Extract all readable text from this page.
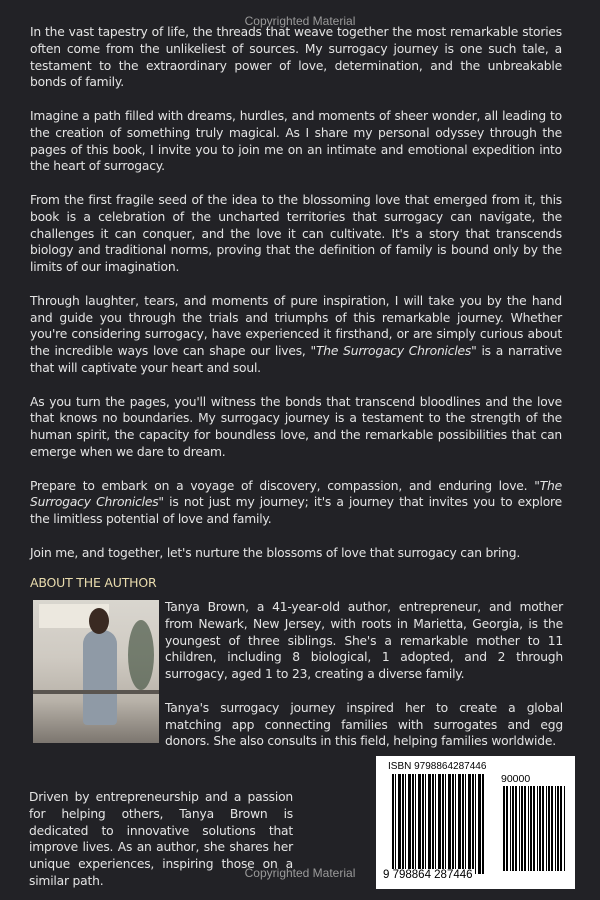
Copyrighted Material

In the vast tapestry of life, the threads that weave together the most remarkable stories often come from the unlikeliest of sources. My surrogacy journey is one such tale, a testament to the extraordinary power of love, determination, and the unbreakable bonds of family.

Imagine a path filled with dreams, hurdles, and moments of sheer wonder, all leading to the creation of something truly magical. As I share my personal odyssey through the pages of this book, I invite you to join me on an intimate and emotional expedition into the heart of surrogacy.

From the first fragile seed of the idea to the blossoming love that emerged from it, this book is a celebration of the uncharted territories that surrogacy can navigate, the challenges it can conquer, and the love it can cultivate. It's a story that transcends biology and traditional norms, proving that the definition of family is bound only by the limits of our imagination.

Through laughter, tears, and moments of pure inspiration, I will take you by the hand and guide you through the trials and triumphs of this remarkable journey. Whether you're considering surrogacy, have experienced it firsthand, or are simply curious about the incredible ways love can shape our lives, "The Surrogacy Chronicles" is a narrative that will captivate your heart and soul.

As you turn the pages, you'll witness the bonds that transcend bloodlines and the love that knows no boundaries. My surrogacy journey is a testament to the strength of the human spirit, the capacity for boundless love, and the remarkable possibilities that can emerge when we dare to dream.

Prepare to embark on a voyage of discovery, compassion, and enduring love. "The Surrogacy Chronicles" is not just my journey; it's a journey that invites you to explore the limitless potential of love and family.

Join me, and together, let's nurture the blossoms of love that surrogacy can bring.

ABOUT THE AUTHOR

Tanya Brown, a 41-year-old author, entrepreneur, and mother from Newark, New Jersey, with roots in Marietta, Georgia, is the youngest of three siblings. She's a remarkable mother to 11 children, including 8 biological, 1 adopted, and 2 through surrogacy, aged 1 to 23, creating a diverse family.

Tanya's surrogacy journey inspired her to create a global matching app connecting families with surrogates and egg donors. She also consults in this field, helping families worldwide.

Driven by entrepreneurship and a passion for helping others, Tanya Brown is dedicated to innovative solutions that improve lives. As an author, she shares her unique experiences, inspiring those on a similar path.
ISBN 9798864287446
90000
9 798864 287446
Copyrighted Material
